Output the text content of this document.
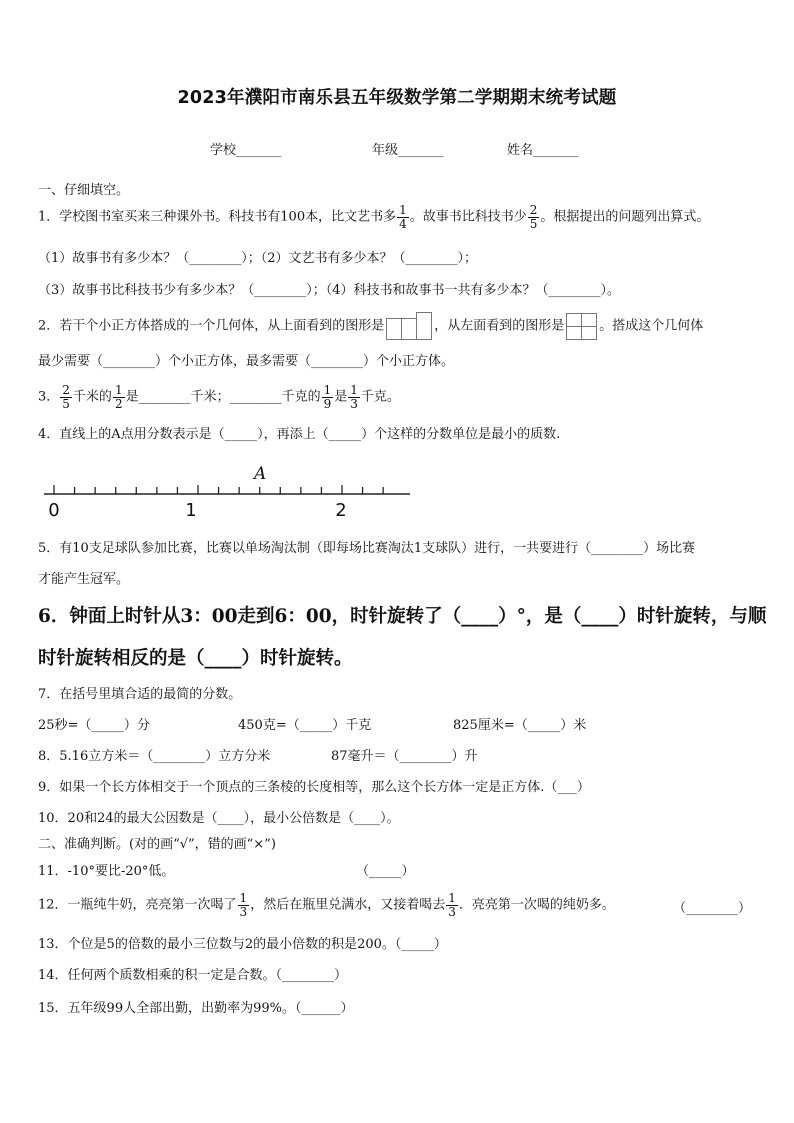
2023年濮阳市南乐县五年级数学第二学期期末统考试题
学校_______	年级_______	姓名_______
一、仔细填空。
1．学校图书室买来三种课外书。科技书有100本，比文艺书多 $\frac{1}{4}$ 。故事书比科技书少 $\frac{2}{5}$ 。根据提出的问题列出算式。
（1）故事书有多少本？（________）；（2）文艺书有多少本？（________）；
（3）故事书比科技书少有多少本？（________）；（4）科技书和故事书一共有多少本？（________）。
2．若干个小正方体搭成的一个几何体，从上面看到的图形是	，从左面看到的图形是	。搭成这个几何体
最少需要（________）个小正方体，最多需要（________）个小正方体。
3． $\frac{2}{5}$ 千米的 $\frac{1}{2}$ 是________千米；________千克的 $\frac{1}{9}$ 是 $\frac{1}{3}$ 千克。
4．直线上的A点用分数表示是（_____），再添上（_____）个这样的分数单位是最小的质数.
A
0	1	2
5．有10支足球队参加比赛，比赛以单场淘汰制（即每场比赛淘汰1支球队）进行，一共要进行（________）场比赛
才能产生冠军。
6．钟面上时针从3：00走到6：00，时针旋转了（____）°，是（____）时针旋转，与顺
时针旋转相反的是（____）时针旋转。
7．在括号里填合适的最简的分数。
25秒=（_____）分	450克=（_____）千克	825厘米=（_____）米
8．5.16立方米＝（________）立方分米	87毫升＝（________）升
9．如果一个长方体相交于一个顶点的三条棱的长度相等，那么这个长方体一定是正方体.（___）
10．20和24的最大公因数是（____），最小公倍数是（____）。
二、准确判断。(对的画“√”，错的画“×”)
11．-10°要比-20°低。	（_____）
12．一瓶纯牛奶，亮亮第一次喝了 $\frac{1}{3}$ ，然后在瓶里兑满水，又接着喝去 $\frac{1}{3}$ ．亮亮第一次喝的纯奶多。	（________）
13．个位是5的倍数的最小三位数与2的最小倍数的积是200。（_____）
14．任何两个质数相乘的积一定是合数。（________）
15．五年级99人全部出勤，出勤率为99%。（______）
